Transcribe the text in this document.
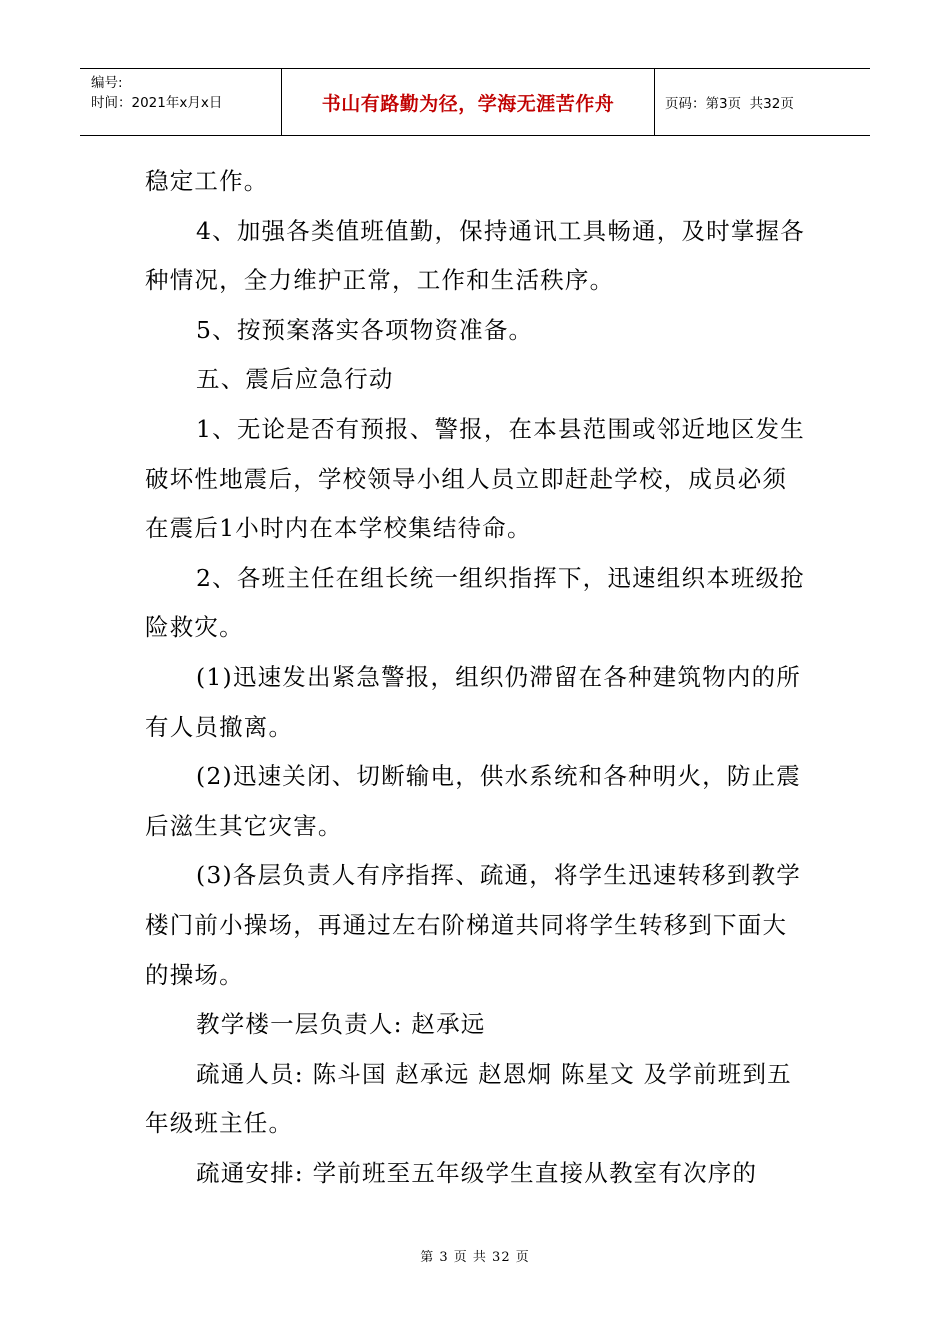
编号:
时间：2021年x月x日	书山有路勤为径，学海无涯苦作舟	页码：第3页  共32页

稳定工作。

4、加强各类值班值勤，保持通讯工具畅通，及时掌握各种情况，全力维护正常，工作和生活秩序。

5、按预案落实各项物资准备。

五、震后应急行动

1、无论是否有预报、警报，在本县范围或邻近地区发生破坏性地震后，学校领导小组人员立即赶赴学校，成员必须在震后1小时内在本学校集结待命。

2、各班主任在组长统一组织指挥下，迅速组织本班级抢险救灾。

(1)迅速发出紧急警报，组织仍滞留在各种建筑物内的所有人员撤离。

(2)迅速关闭、切断输电，供水系统和各种明火，防止震后滋生其它灾害。

(3)各层负责人有序指挥、疏通，将学生迅速转移到教学楼门前小操场，再通过左右阶梯道共同将学生转移到下面大的操场。

教学楼一层负责人: 赵承远

疏通人员: 陈斗国 赵承远 赵恩炯 陈星文 及学前班到五年级班主任。

疏通安排: 学前班至五年级学生直接从教室有次序的

第 3 页 共 32 页
